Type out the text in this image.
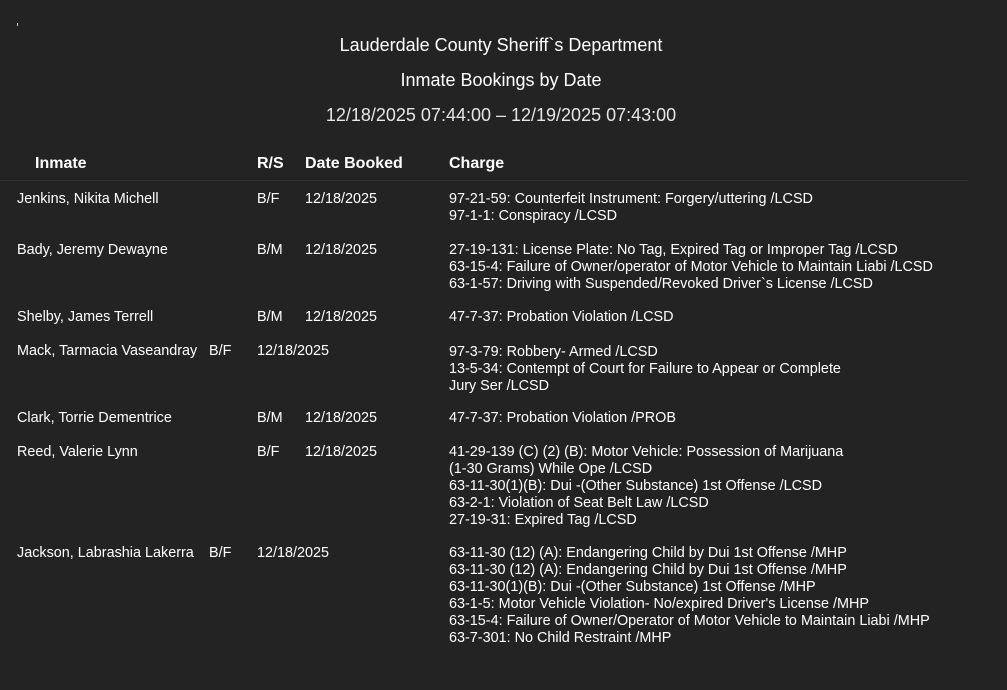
Lauderdale County Sheriff`s Department
Inmate Bookings by Date
12/18/2025 07:44:00 – 12/19/2025 07:43:00
Inmate	R/S Date Booked	Charge
Jenkins, Nikita Michell	B/F 12/18/2025	97-21-59: Counterfeit Instrument: Forgery/uttering /LCSD
97-1-1: Conspiracy /LCSD
Bady, Jeremy Dewayne	B/M 12/18/2025	27-19-131: License Plate: No Tag, Expired Tag or Improper Tag /LCSD
63-15-4: Failure of Owner/operator of Motor Vehicle to Maintain Liabi /LCSD
63-1-57: Driving with Suspended/Revoked Driver`s License /LCSD
Shelby, James Terrell	B/M 12/18/2025	47-7-37: Probation Violation /LCSD
Mack, Tarmacia Vaseandray B/F 12/18/2025	97-3-79: Robbery- Armed /LCSD
13-5-34: Contempt of Court for Failure to Appear or Complete
Jury Ser /LCSD
Clark, Torrie Dementrice	B/M 12/18/2025	47-7-37: Probation Violation /PROB
Reed, Valerie Lynn	B/F 12/18/2025	41-29-139 (C) (2) (B): Motor Vehicle: Possession of Marijuana
(1-30 Grams) While Ope /LCSD
63-11-30(1)(B): Dui -(Other Substance) 1st Offense /LCSD
63-2-1: Violation of Seat Belt Law /LCSD
27-19-31: Expired Tag /LCSD
Jackson, Labrashia Lakerra B/F 12/18/2025	63-11-30 (12) (A): Endangering Child by Dui 1st Offense /MHP
63-11-30 (12) (A): Endangering Child by Dui 1st Offense /MHP
63-11-30(1)(B): Dui -(Other Substance) 1st Offense /MHP
63-1-5: Motor Vehicle Violation- No/expired Driver's License /MHP
63-15-4: Failure of Owner/Operator of Motor Vehicle to Maintain Liabi /MHP
63-7-301: No Child Restraint /MHP
